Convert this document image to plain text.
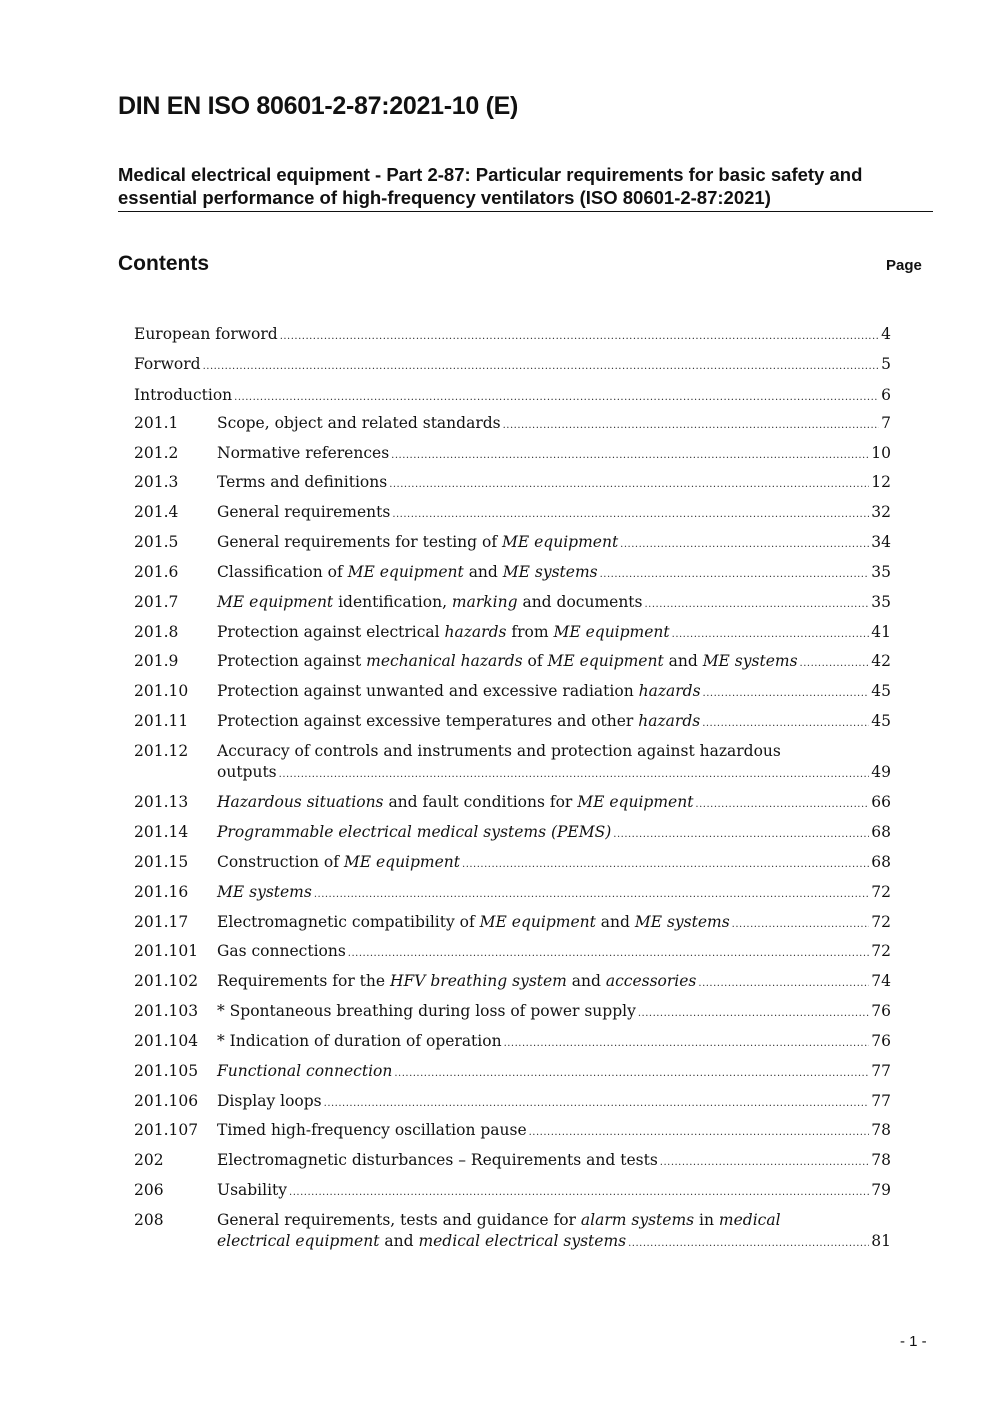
DIN EN ISO 80601-2-87:2021-10 (E)
Medical electrical equipment - Part 2-87: Particular requirements for basic safety and
essential performance of high-frequency ventilators (ISO 80601-2-87:2021)
Contents	Page
European forword .....	4
Forword .....	5
Introduction .....	6
201.1 Scope, object and related standards .....	7
201.2 Normative references .....	10
201.3 Terms and definitions .....	12
201.4 General requirements .....	32
201.5 General requirements for testing of ME equipment .....	34
201.6 Classification of ME equipment and ME systems .....	35
201.7 ME equipment identification, marking and documents .....	35
201.8 Protection against electrical hazards from ME equipment .....	41
201.9 Protection against mechanical hazards of ME equipment and ME systems .....	42
201.10 Protection against unwanted and excessive radiation hazards .....	45
201.11 Protection against excessive temperatures and other hazards .....	45
201.12 Accuracy of controls and instruments and protection against hazardous
outputs .....	49
201.13 Hazardous situations and fault conditions for ME equipment .....	66
201.14 Programmable electrical medical systems (PEMS) .....	68
201.15 Construction of ME equipment .....	68
201.16 ME systems .....	72
201.17 Electromagnetic compatibility of ME equipment and ME systems .....	72
201.101 Gas connections .....	72
201.102 Requirements for the HFV breathing system and accessories .....	74
201.103 * Spontaneous breathing during loss of power supply .....	76
201.104 * Indication of duration of operation .....	76
201.105 Functional connection .....	77
201.106 Display loops .....	77
201.107 Timed high-frequency oscillation pause .....	78
202	Electromagnetic disturbances – Requirements and tests .....	78
206	Usability .....	79
208	General requirements, tests and guidance for alarm systems in medical
electrical equipment and medical electrical systems .....	81
- 1 -
